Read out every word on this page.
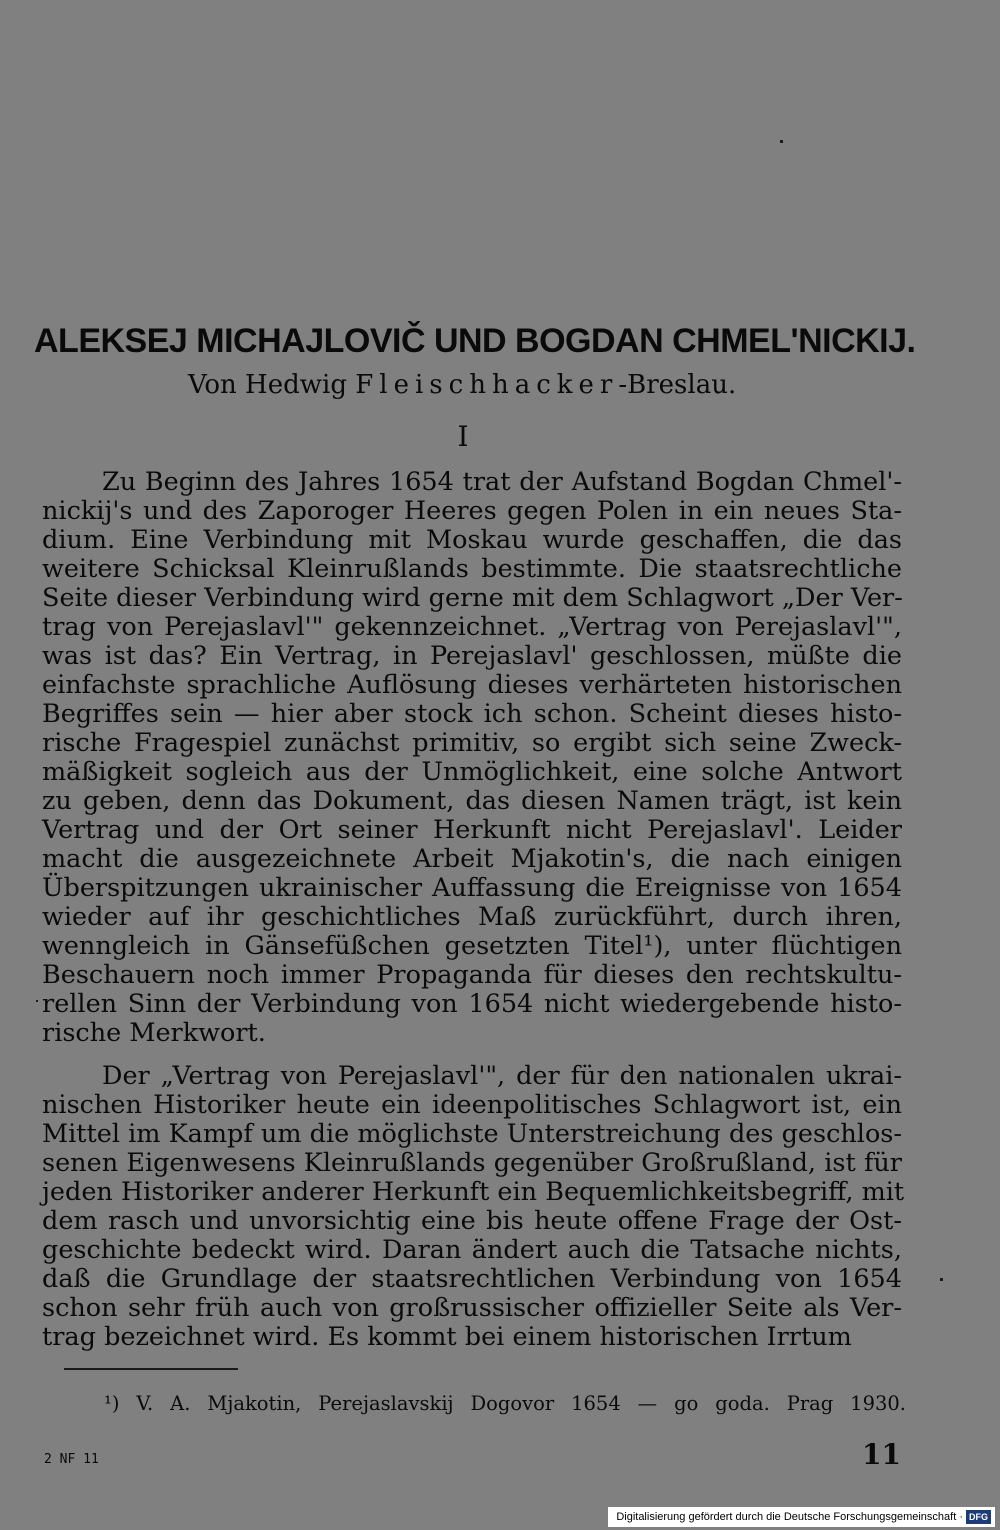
ALEKSEJ MICHAJLOVIČ UND BOGDAN CHMEL'NICKIJ.
Von Hedwig Fleischhacker-Breslau.
I
Zu Beginn des Jahres 1654 trat der Aufstand Bogdan Chmel'-
nickij's und des Zaporoger Heeres gegen Polen in ein neues Sta-
dium. Eine Verbindung mit Moskau wurde geschaffen, die das
weitere Schicksal Kleinrußlands bestimmte. Die staatsrechtliche
Seite dieser Verbindung wird gerne mit dem Schlagwort „Der Ver-
trag von Perejaslavl'" gekennzeichnet. „Vertrag von Perejaslavl'",
was ist das? Ein Vertrag, in Perejaslavl' geschlossen, müßte die
einfachste sprachliche Auflösung dieses verhärteten historischen
Begriffes sein — hier aber stock ich schon. Scheint dieses histo-
rische Fragespiel zunächst primitiv, so ergibt sich seine Zweck-
mäßigkeit sogleich aus der Unmöglichkeit, eine solche Antwort
zu geben, denn das Dokument, das diesen Namen trägt, ist kein
Vertrag und der Ort seiner Herkunft nicht Perejaslavl'. Leider
macht die ausgezeichnete Arbeit Mjakotin's, die nach einigen
Überspitzungen ukrainischer Auffassung die Ereignisse von 1654
wieder auf ihr geschichtliches Maß zurückführt, durch ihren,
wenngleich in Gänsefüßchen gesetzten Titel¹), unter flüchtigen
Beschauern noch immer Propaganda für dieses den rechtskultu-
rellen Sinn der Verbindung von 1654 nicht wiedergebende histo-
rische Merkwort.
Der „Vertrag von Perejaslavl'", der für den nationalen ukrai-
nischen Historiker heute ein ideenpolitisches Schlagwort ist, ein
Mittel im Kampf um die möglichste Unterstreichung des geschlos-
senen Eigenwesens Kleinrußlands gegenüber Großrußland, ist für
jeden Historiker anderer Herkunft ein Bequemlichkeitsbegriff, mit
dem rasch und unvorsichtig eine bis heute offene Frage der Ost-
geschichte bedeckt wird. Daran ändert auch die Tatsache nichts,
daß die Grundlage der staatsrechtlichen Verbindung von 1654
schon sehr früh auch von großrussischer offizieller Seite als Ver-
trag bezeichnet wird. Es kommt bei einem historischen Irrtum
¹) V. A. Mjakotin, Perejaslavskij Dogovor 1654 — go goda. Prag 1930.
2 NF 11	11
Digitalisierung gefördert durch die Deutsche Forschungsgemeinschaft · DFG
